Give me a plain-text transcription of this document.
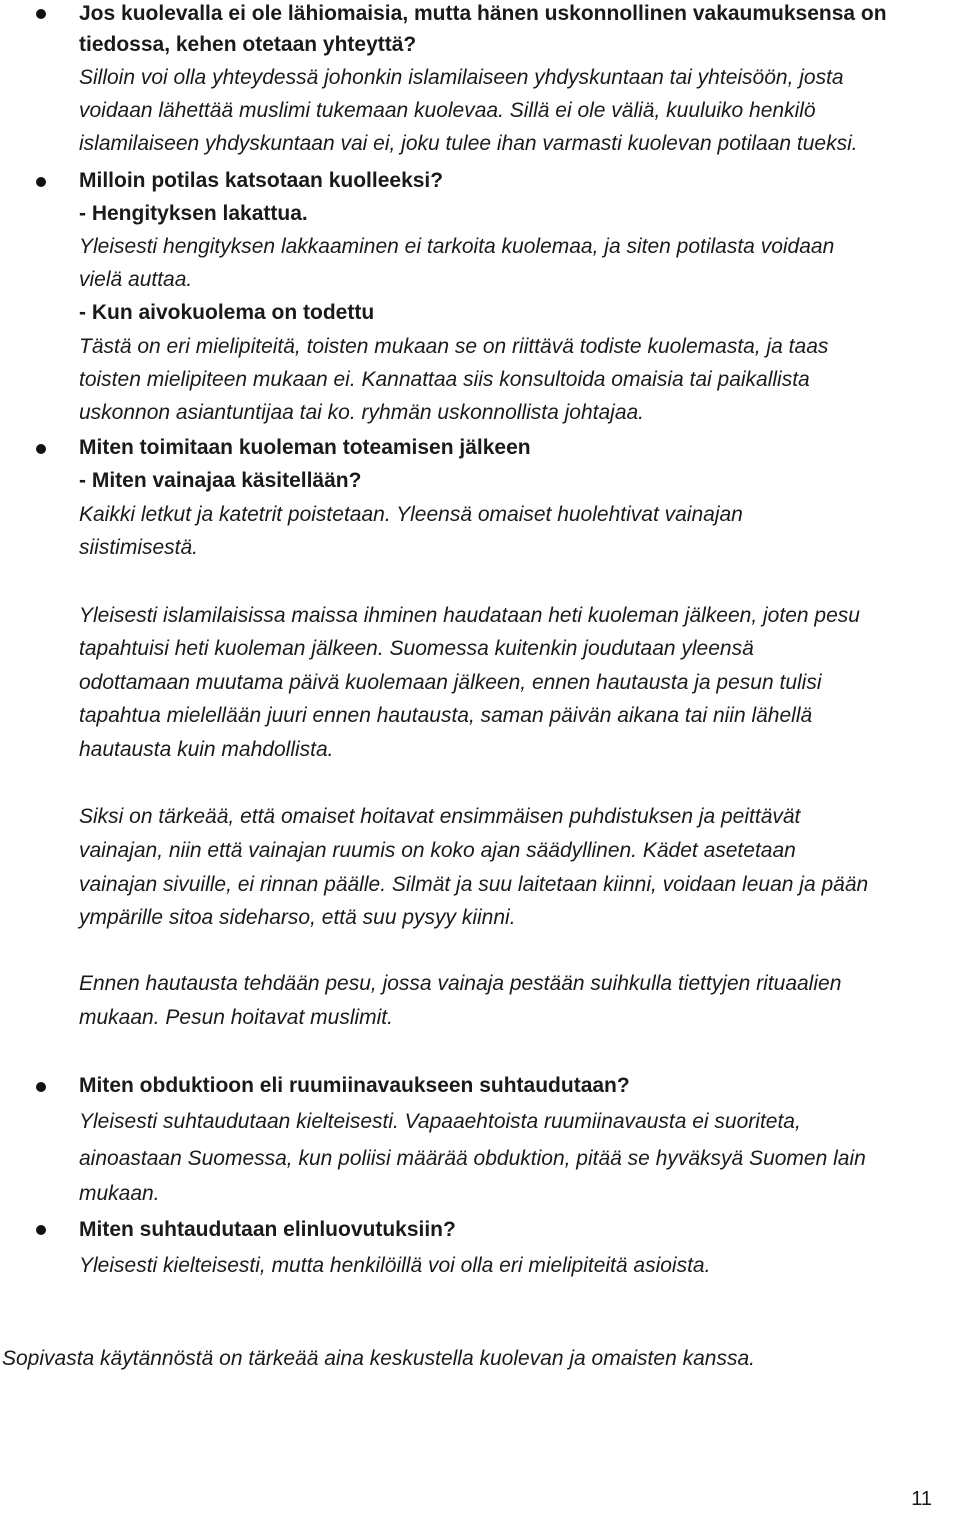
Jos kuolevalla ei ole lähiomaisia, mutta hänen uskonnollinen vakaumuksensa on
tiedossa, kehen otetaan yhteyttä?
Silloin voi olla yhteydessä johonkin islamilaiseen yhdyskuntaan tai yhteisöön, josta
voidaan lähettää muslimi tukemaan kuolevaa. Sillä ei ole väliä, kuuluiko henkilö
islamilaiseen yhdyskuntaan vai ei, joku tulee ihan varmasti kuolevan potilaan tueksi.
Milloin potilas katsotaan kuolleeksi?
- Hengityksen lakattua.
Yleisesti hengityksen lakkaaminen ei tarkoita kuolemaa, ja siten potilasta voidaan
vielä auttaa.
- Kun aivokuolema on todettu
Tästä on eri mielipiteitä, toisten mukaan se on riittävä todiste kuolemasta, ja taas
toisten mielipiteen mukaan ei. Kannattaa siis konsultoida omaisia tai paikallista
uskonnon asiantuntijaa tai ko. ryhmän uskonnollista johtajaa.
Miten toimitaan kuoleman toteamisen jälkeen
- Miten vainajaa käsitellään?
Kaikki letkut ja katetrit poistetaan. Yleensä omaiset huolehtivat vainajan
siistimisestä.
Yleisesti islamilaisissa maissa ihminen haudataan heti kuoleman jälkeen, joten pesu
tapahtuisi heti kuoleman jälkeen. Suomessa kuitenkin joudutaan yleensä
odottamaan muutama päivä kuolemaan jälkeen, ennen hautausta ja pesun tulisi
tapahtua mielellään juuri ennen hautausta, saman päivän aikana tai niin lähellä
hautausta kuin mahdollista.
Siksi on tärkeää, että omaiset hoitavat ensimmäisen puhdistuksen ja peittävät
vainajan, niin että vainajan ruumis on koko ajan säädyllinen. Kädet asetetaan
vainajan sivuille, ei rinnan päälle. Silmät ja suu laitetaan kiinni, voidaan leuan ja pään
ympärille sitoa sideharso, että suu pysyy kiinni.
Ennen hautausta tehdään pesu, jossa vainaja pestään suihkulla tiettyjen rituaalien
mukaan. Pesun hoitavat muslimit.
Miten obduktioon eli ruumiinavaukseen suhtaudutaan?
Yleisesti suhtaudutaan kielteisesti. Vapaaehtoista ruumiinavausta ei suoriteta,
ainoastaan Suomessa, kun poliisi määrää obduktion, pitää se hyväksyä Suomen lain
mukaan.
Miten suhtaudutaan elinluovutuksiin?
Yleisesti kielteisesti, mutta henkilöillä voi olla eri mielipiteitä asioista.
Sopivasta käytännöstä on tärkeää aina keskustella kuolevan ja omaisten kanssa.
11
